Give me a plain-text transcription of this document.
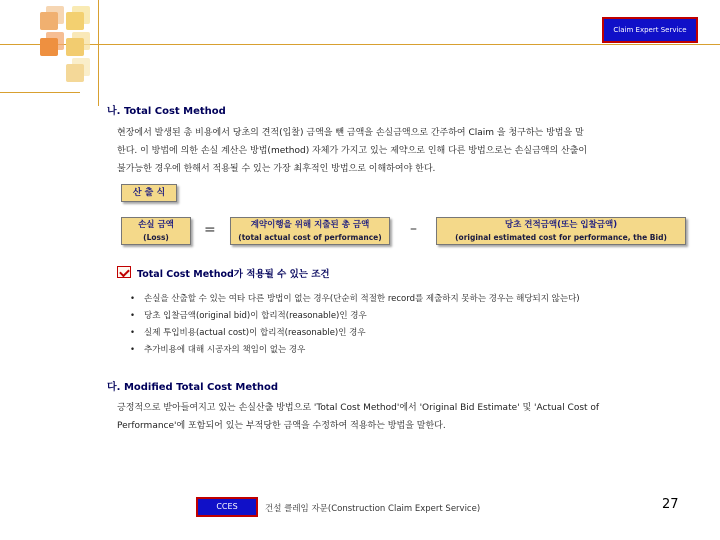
Claim Expert Service
나. Total Cost Method
현장에서 발생된 총 비용에서 당초의 견적(입찰) 금액을 뺀 금액을 손실금액으로 간주하여 Claim 을 청구하는 방법을 말
한다. 이 방법에 의한 손실 계산은 방법(method) 자체가 가지고 있는 제약으로 인해 다른 방법으로는 손실금액의 산출이
불가능한 경우에 한해서 적용될 수 있는 가장 최후적인 방법으로 이해하여야 한다.
산 출 식
손실 금액
(Loss)	=	계약이행을 위해 지출된 총 금액
(total actual cost of performance)
–	당초 견적금액(또는 입찰금액)
(original estimated cost for performance, the Bid)
Total Cost Method가 적용될 수 있는 조건
• 손실을 산출할 수 있는 여타 다른 방법이 없는 경우(단순히 적절한 record를 제출하지 못하는 경우는 해당되지 않는다)
• 당초 입찰금액(original bid)이 합리적(reasonable)인 경우
• 실제 투입비용(actual cost)이 합리적(reasonable)인 경우
• 추가비용에 대해 시공자의 책임이 없는 경우
다. Modified Total Cost Method
긍정적으로 받아들여지고 있는 손실산출 방법으로 'Total Cost Method'에서 'Original Bid Estimate' 및 'Actual Cost of
Performance'에 포함되어 있는 부적당한 금액을 수정하여 적용하는 방법을 말한다.
CCES	건설 클레임 자문(Construction Claim Expert Service)	27
